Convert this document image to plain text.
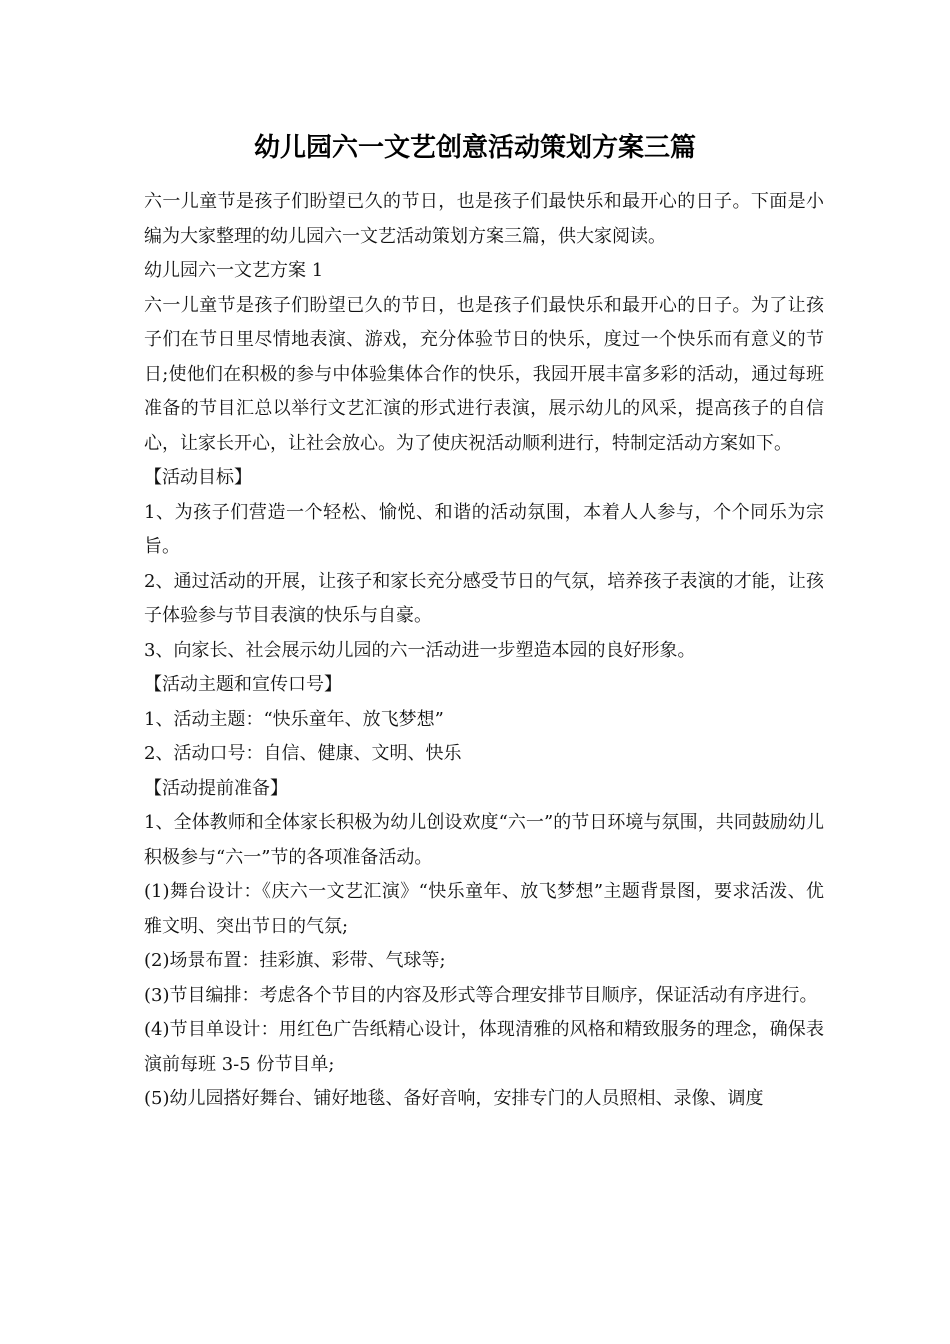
幼儿园六一文艺创意活动策划方案三篇

六一儿童节是孩子们盼望已久的节日，也是孩子们最快乐和最开心的日子。下面是小编为大家整理的幼儿园六一文艺活动策划方案三篇，供大家阅读。

幼儿园六一文艺方案 1

六一儿童节是孩子们盼望已久的节日，也是孩子们最快乐和最开心的日子。为了让孩子们在节日里尽情地表演、游戏，充分体验节日的快乐，度过一个快乐而有意义的节日;使他们在积极的参与中体验集体合作的快乐，我园开展丰富多彩的活动，通过每班准备的节目汇总以举行文艺汇演的形式进行表演，展示幼儿的风采，提高孩子的自信心，让家长开心，让社会放心。为了使庆祝活动顺利进行，特制定活动方案如下。

【活动目标】

1、为孩子们营造一个轻松、愉悦、和谐的活动氛围，本着人人参与，个个同乐为宗旨。

2、通过活动的开展，让孩子和家长充分感受节日的气氛，培养孩子表演的才能，让孩子体验参与节目表演的快乐与自豪。

3、向家长、社会展示幼儿园的六一活动进一步塑造本园的良好形象。

【活动主题和宣传口号】

1、活动主题：“快乐童年、放飞梦想”

2、活动口号：自信、健康、文明、快乐

【活动提前准备】

1、全体教师和全体家长积极为幼儿创设欢度“六一”的节日环境与氛围，共同鼓励幼儿积极参与“六一”节的各项准备活动。

(1)舞台设计：《庆六一文艺汇演》“快乐童年、放飞梦想”主题背景图，要求活泼、优雅文明、突出节日的气氛;

(2)场景布置：挂彩旗、彩带、气球等;

(3)节目编排：考虑各个节目的内容及形式等合理安排节目顺序，保证活动有序进行。

(4)节目单设计：用红色广告纸精心设计，体现清雅的风格和精致服务的理念，确保表演前每班 3-5 份节目单;

(5)幼儿园搭好舞台、铺好地毯、备好音响，安排专门的人员照相、录像、调度
